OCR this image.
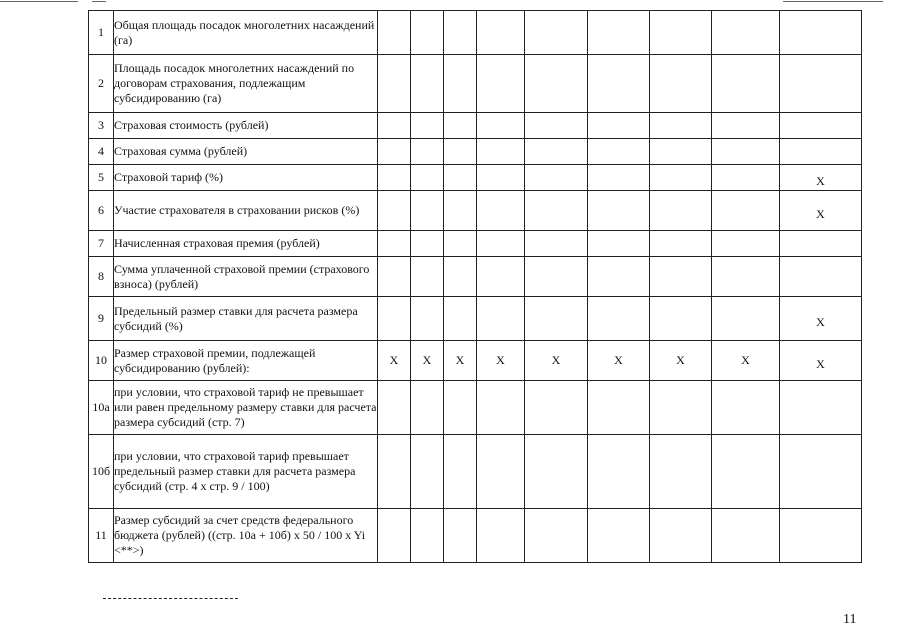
1	Общая площадь посадок многолетних насаждений (га)									
2	Площадь посадок многолетних насаждений по договорам страхования, подлежащим субсидированию (га)									
3	Страховая стоимость (рублей)									
4	Страховая сумма (рублей)									
5	Страховой тариф (%)									X
6	Участие страхователя в страховании рисков (%)									X
7	Начисленная страховая премия (рублей)									
8	Сумма уплаченной страховой премии (страхового взноса) (рублей)									
9	Предельный размер ставки для расчета размера субсидий (%)									X
10	Размер страховой премии, подлежащей субсидированию (рублей):	X	X	X	X	X	X	X	X	X
10а	при условии, что страховой тариф не превышает или равен предельному размеру ставки для расчета размера субсидий (стр. 7)									
10б	при условии, что страховой тариф превышает предельный размер ставки для расчета размера субсидий (стр. 4 x стр. 9 / 100)									
11	Размер субсидий за счет средств федерального бюджета (рублей) ((стр. 10а + 10б) x 50 / 100 x Yi <**>)									
11
